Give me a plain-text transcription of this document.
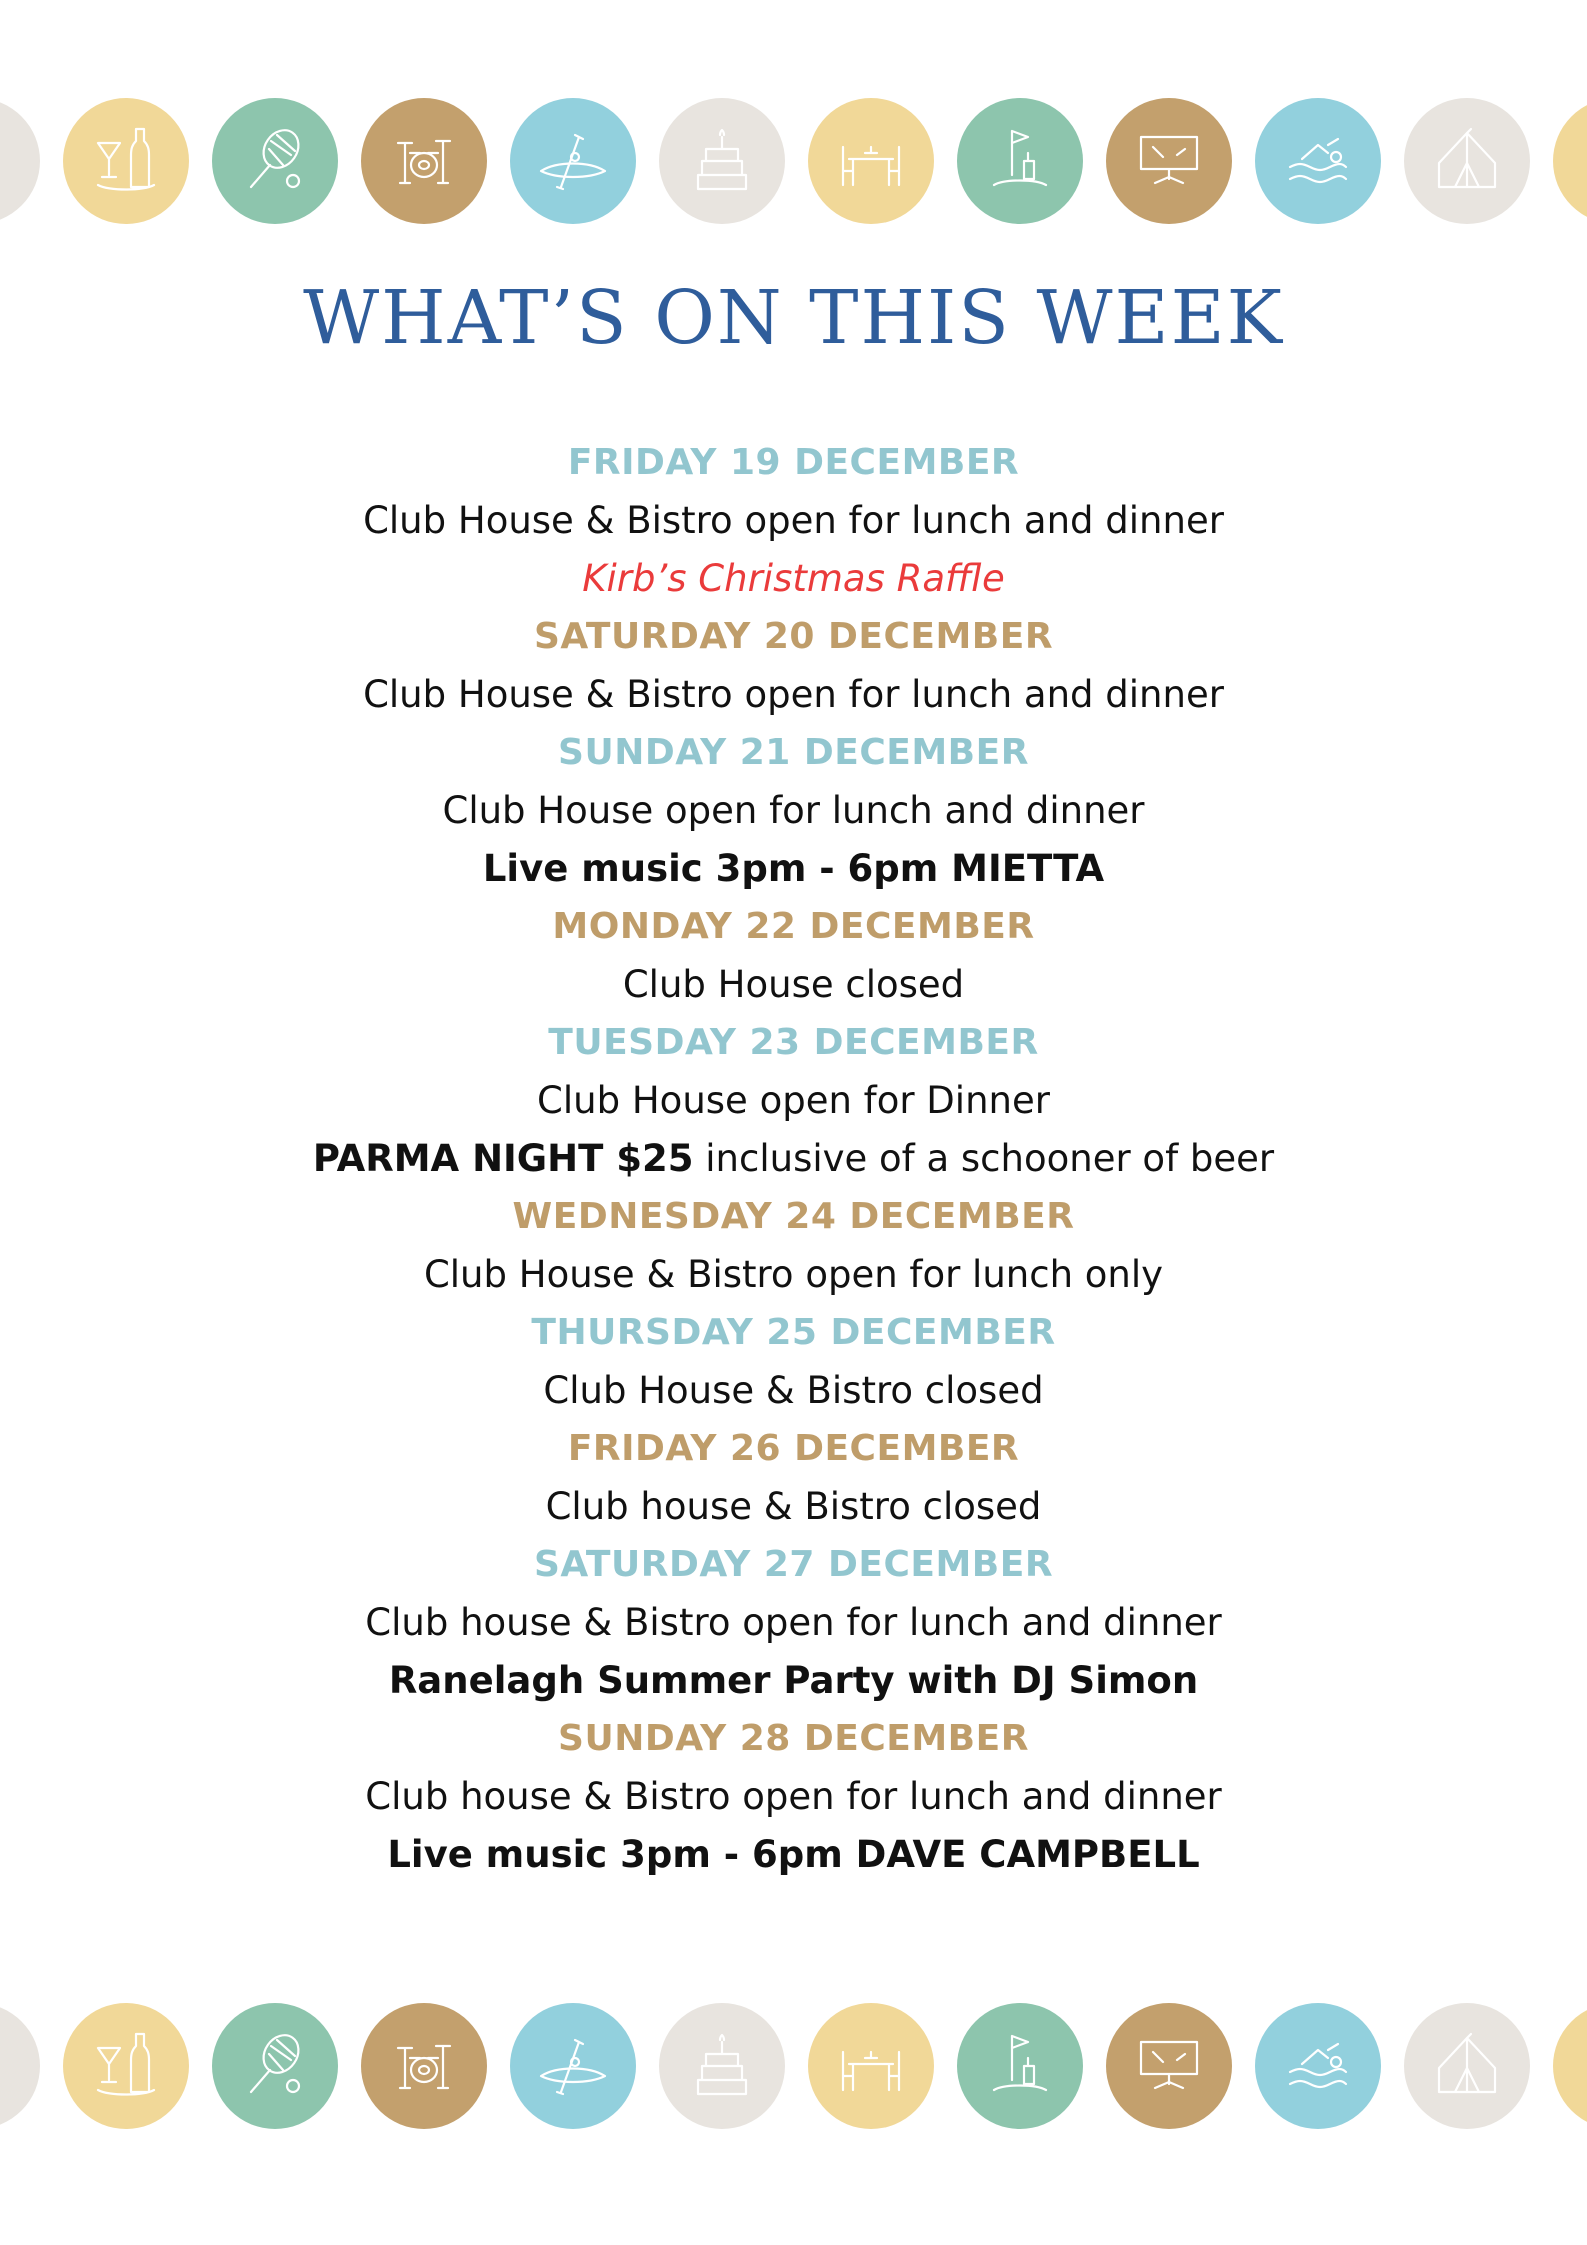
WHAT’S ON THIS WEEK
FRIDAY 19 DECEMBER
Club House & Bistro open for lunch and dinner
Kirb’s Christmas Raffle
SATURDAY 20 DECEMBER
Club House & Bistro open for lunch and dinner
SUNDAY 21 DECEMBER
Club House open for lunch and dinner
Live music 3pm - 6pm MIETTA
MONDAY 22 DECEMBER
Club House closed
TUESDAY 23 DECEMBER
Club House open for Dinner
PARMA NIGHT $25 inclusive of a schooner of beer
WEDNESDAY 24 DECEMBER
Club House & Bistro open for lunch only
THURSDAY 25 DECEMBER
Club House & Bistro closed
FRIDAY 26 DECEMBER
Club house & Bistro closed
SATURDAY 27 DECEMBER
Club house & Bistro open for lunch and dinner
Ranelagh Summer Party with DJ Simon
SUNDAY 28 DECEMBER
Club house & Bistro open for lunch and dinner
Live music 3pm - 6pm DAVE CAMPBELL
